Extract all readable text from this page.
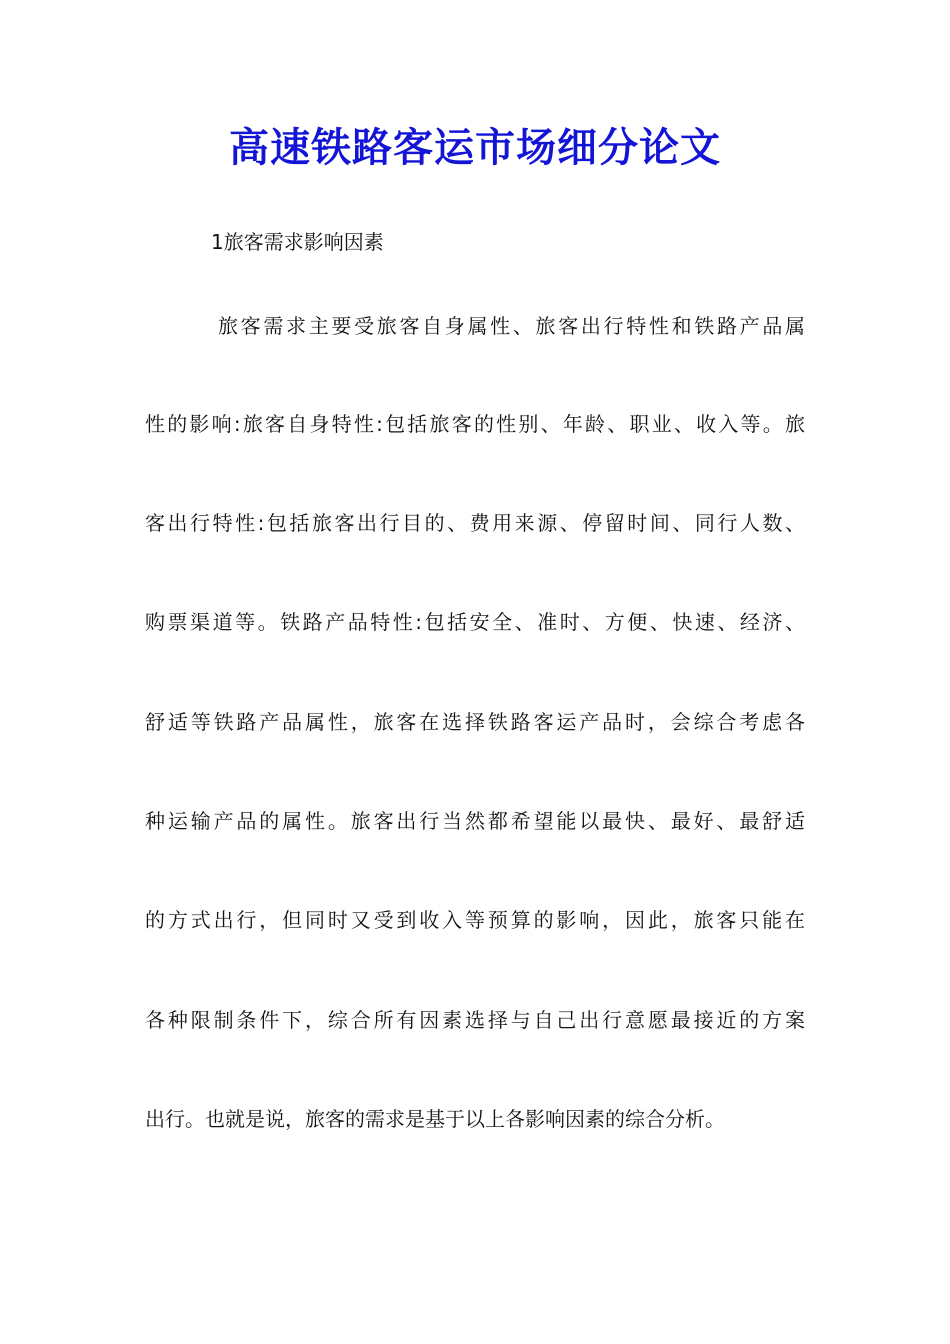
高速铁路客运市场细分论文

1旅客需求影响因素

旅客需求主要受旅客自身属性、旅客出行特性和铁路产品属

性的影响:旅客自身特性:包括旅客的性别、年龄、职业、收入等。旅

客出行特性:包括旅客出行目的、费用来源、停留时间、同行人数、

购票渠道等。铁路产品特性:包括安全、准时、方便、快速、经济、

舒适等铁路产品属性，旅客在选择铁路客运产品时，会综合考虑各

种运输产品的属性。旅客出行当然都希望能以最快、最好、最舒适

的方式出行，但同时又受到收入等预算的影响，因此，旅客只能在

各种限制条件下，综合所有因素选择与自己出行意愿最接近的方案

出行。也就是说，旅客的需求是基于以上各影响因素的综合分析。
